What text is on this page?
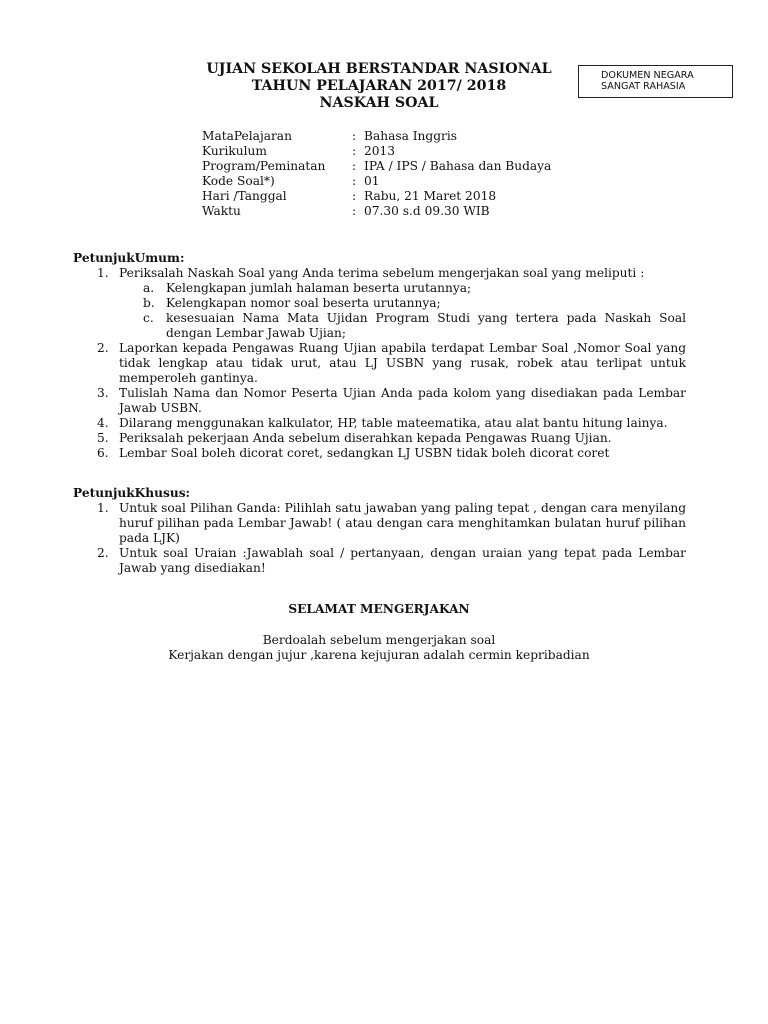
UJIAN SEKOLAH BERSTANDAR NASIONAL
TAHUN PELAJARAN 2017/ 2018
NASKAH SOAL
DOKUMEN NEGARA
SANGAT RAHASIA
MataPelajaran	:	Bahasa Inggris
Kurikulum	:	2013
Program/Peminatan	:	IPA / IPS / Bahasa dan Budaya
Kode Soal*)	:	01
Hari /Tanggal	:	Rabu, 21 Maret 2018
Waktu	:	07.30 s.d 09.30 WIB
PetunjukUmum:
1. Periksalah Naskah Soal yang Anda terima sebelum mengerjakan soal yang meliputi :
a. Kelengkapan jumlah halaman beserta urutannya;
b. Kelengkapan nomor soal beserta urutannya;
c. kesesuaian Nama Mata Ujidan Program Studi yang tertera pada Naskah Soal dengan Lembar Jawab Ujian;
2. Laporkan kepada Pengawas Ruang Ujian apabila terdapat Lembar Soal ,Nomor Soal yang tidak lengkap atau tidak urut, atau LJ USBN yang rusak, robek atau terlipat untuk memperoleh gantinya.
3. Tulislah Nama dan Nomor Peserta Ujian Anda pada kolom yang disediakan pada Lembar Jawab USBN.
4. Dilarang menggunakan kalkulator, HP, table mateematika, atau alat bantu hitung lainya.
5. Periksalah pekerjaan Anda sebelum diserahkan kepada Pengawas Ruang Ujian.
6. Lembar Soal boleh dicorat coret, sedangkan LJ USBN tidak boleh dicorat coret
PetunjukKhusus:
1. Untuk soal Pilihan Ganda: Pilihlah satu jawaban yang paling tepat , dengan cara menyilang huruf pilihan pada Lembar Jawab! ( atau dengan cara menghitamkan bulatan huruf pilihan pada LJK)
2. Untuk soal Uraian :Jawablah soal / pertanyaan, dengan uraian yang tepat pada Lembar Jawab yang disediakan!
SELAMAT MENGERJAKAN
Berdoalah sebelum mengerjakan soal
Kerjakan dengan jujur ,karena kejujuran adalah cermin kepribadian
